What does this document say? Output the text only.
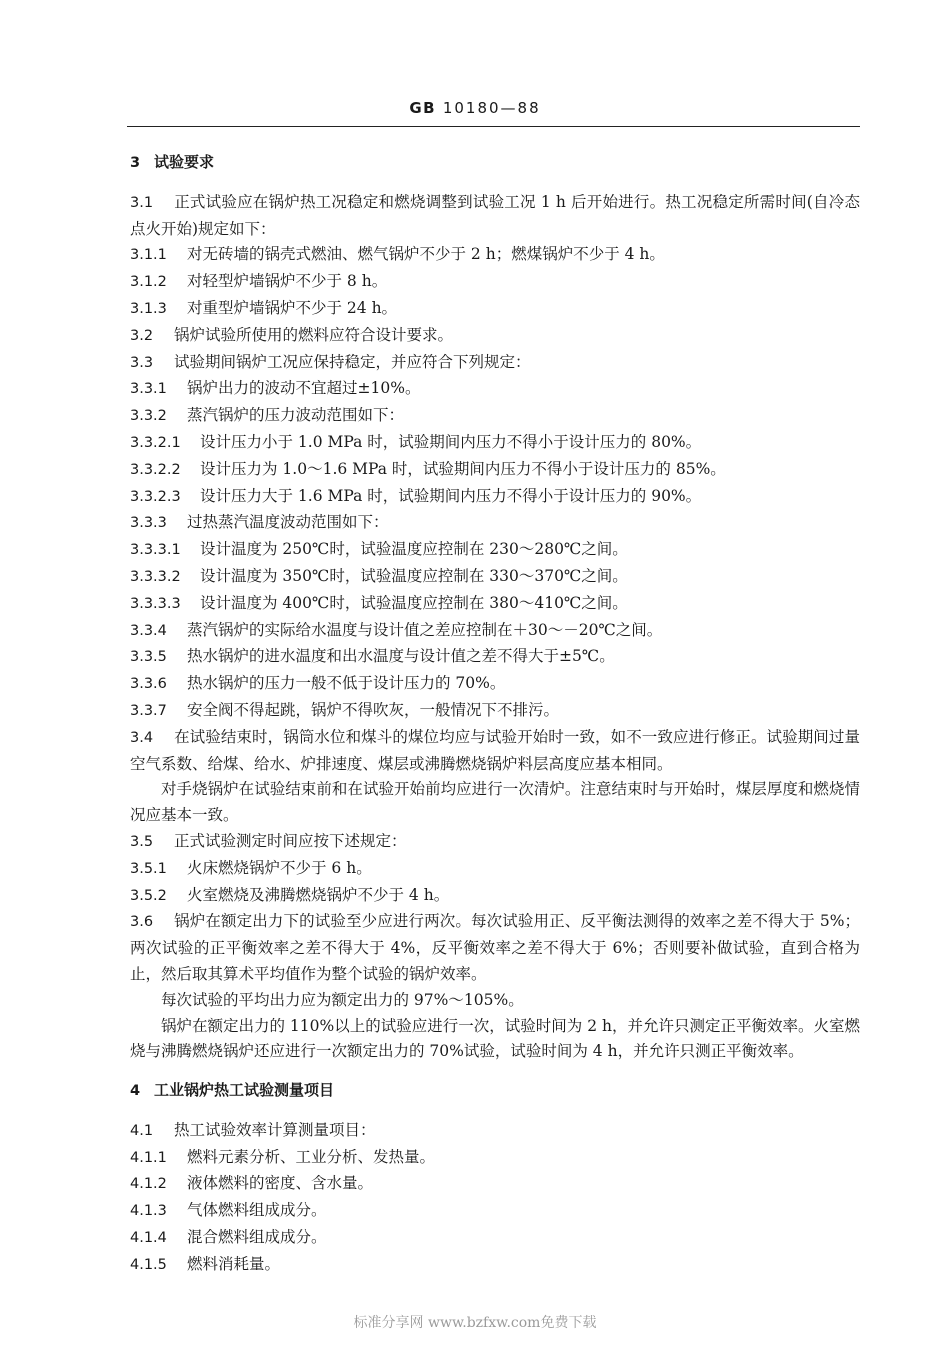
GB 10180—88

3 试验要求

3.1 正式试验应在锅炉热工况稳定和燃烧调整到试验工况 1 h 后开始进行。热工况稳定所需时间(自冷态点火开始)规定如下：

3.1.1 对无砖墙的锅壳式燃油、燃气锅炉不少于 2 h；燃煤锅炉不少于 4 h。

3.1.2 对轻型炉墙锅炉不少于 8 h。

3.1.3 对重型炉墙锅炉不少于 24 h。

3.2 锅炉试验所使用的燃料应符合设计要求。

3.3 试验期间锅炉工况应保持稳定，并应符合下列规定：

3.3.1 锅炉出力的波动不宜超过±10%。

3.3.2 蒸汽锅炉的压力波动范围如下：

3.3.2.1 设计压力小于 1.0 MPa 时，试验期间内压力不得小于设计压力的 80%。

3.3.2.2 设计压力为 1.0～1.6 MPa 时，试验期间内压力不得小于设计压力的 85%。

3.3.2.3 设计压力大于 1.6 MPa 时，试验期间内压力不得小于设计压力的 90%。

3.3.3 过热蒸汽温度波动范围如下：

3.3.3.1 设计温度为 250℃时，试验温度应控制在 230～280℃之间。

3.3.3.2 设计温度为 350℃时，试验温度应控制在 330～370℃之间。

3.3.3.3 设计温度为 400℃时，试验温度应控制在 380～410℃之间。

3.3.4 蒸汽锅炉的实际给水温度与设计值之差应控制在＋30～－20℃之间。

3.3.5 热水锅炉的进水温度和出水温度与设计值之差不得大于±5℃。

3.3.6 热水锅炉的压力一般不低于设计压力的 70%。

3.3.7 安全阀不得起跳，锅炉不得吹灰，一般情况下不排污。

3.4 在试验结束时，锅筒水位和煤斗的煤位均应与试验开始时一致，如不一致应进行修正。试验期间过量空气系数、给煤、给水、炉排速度、煤层或沸腾燃烧锅炉料层高度应基本相同。

对手烧锅炉在试验结束前和在试验开始前均应进行一次清炉。注意结束时与开始时，煤层厚度和燃烧情况应基本一致。

3.5 正式试验测定时间应按下述规定：

3.5.1 火床燃烧锅炉不少于 6 h。

3.5.2 火室燃烧及沸腾燃烧锅炉不少于 4 h。

3.6 锅炉在额定出力下的试验至少应进行两次。每次试验用正、反平衡法测得的效率之差不得大于 5%；两次试验的正平衡效率之差不得大于 4%，反平衡效率之差不得大于 6%；否则要补做试验，直到合格为止，然后取其算术平均值作为整个试验的锅炉效率。

每次试验的平均出力应为额定出力的 97%～105%。

锅炉在额定出力的 110%以上的试验应进行一次，试验时间为 2 h，并允许只测定正平衡效率。火室燃烧与沸腾燃烧锅炉还应进行一次额定出力的 70%试验，试验时间为 4 h，并允许只测正平衡效率。

4 工业锅炉热工试验测量项目

4.1 热工试验效率计算测量项目：

4.1.1 燃料元素分析、工业分析、发热量。

4.1.2 液体燃料的密度、含水量。

4.1.3 气体燃料组成成分。

4.1.4 混合燃料组成成分。

4.1.5 燃料消耗量。

标准分享网 www.bzfxw.com免费下载
